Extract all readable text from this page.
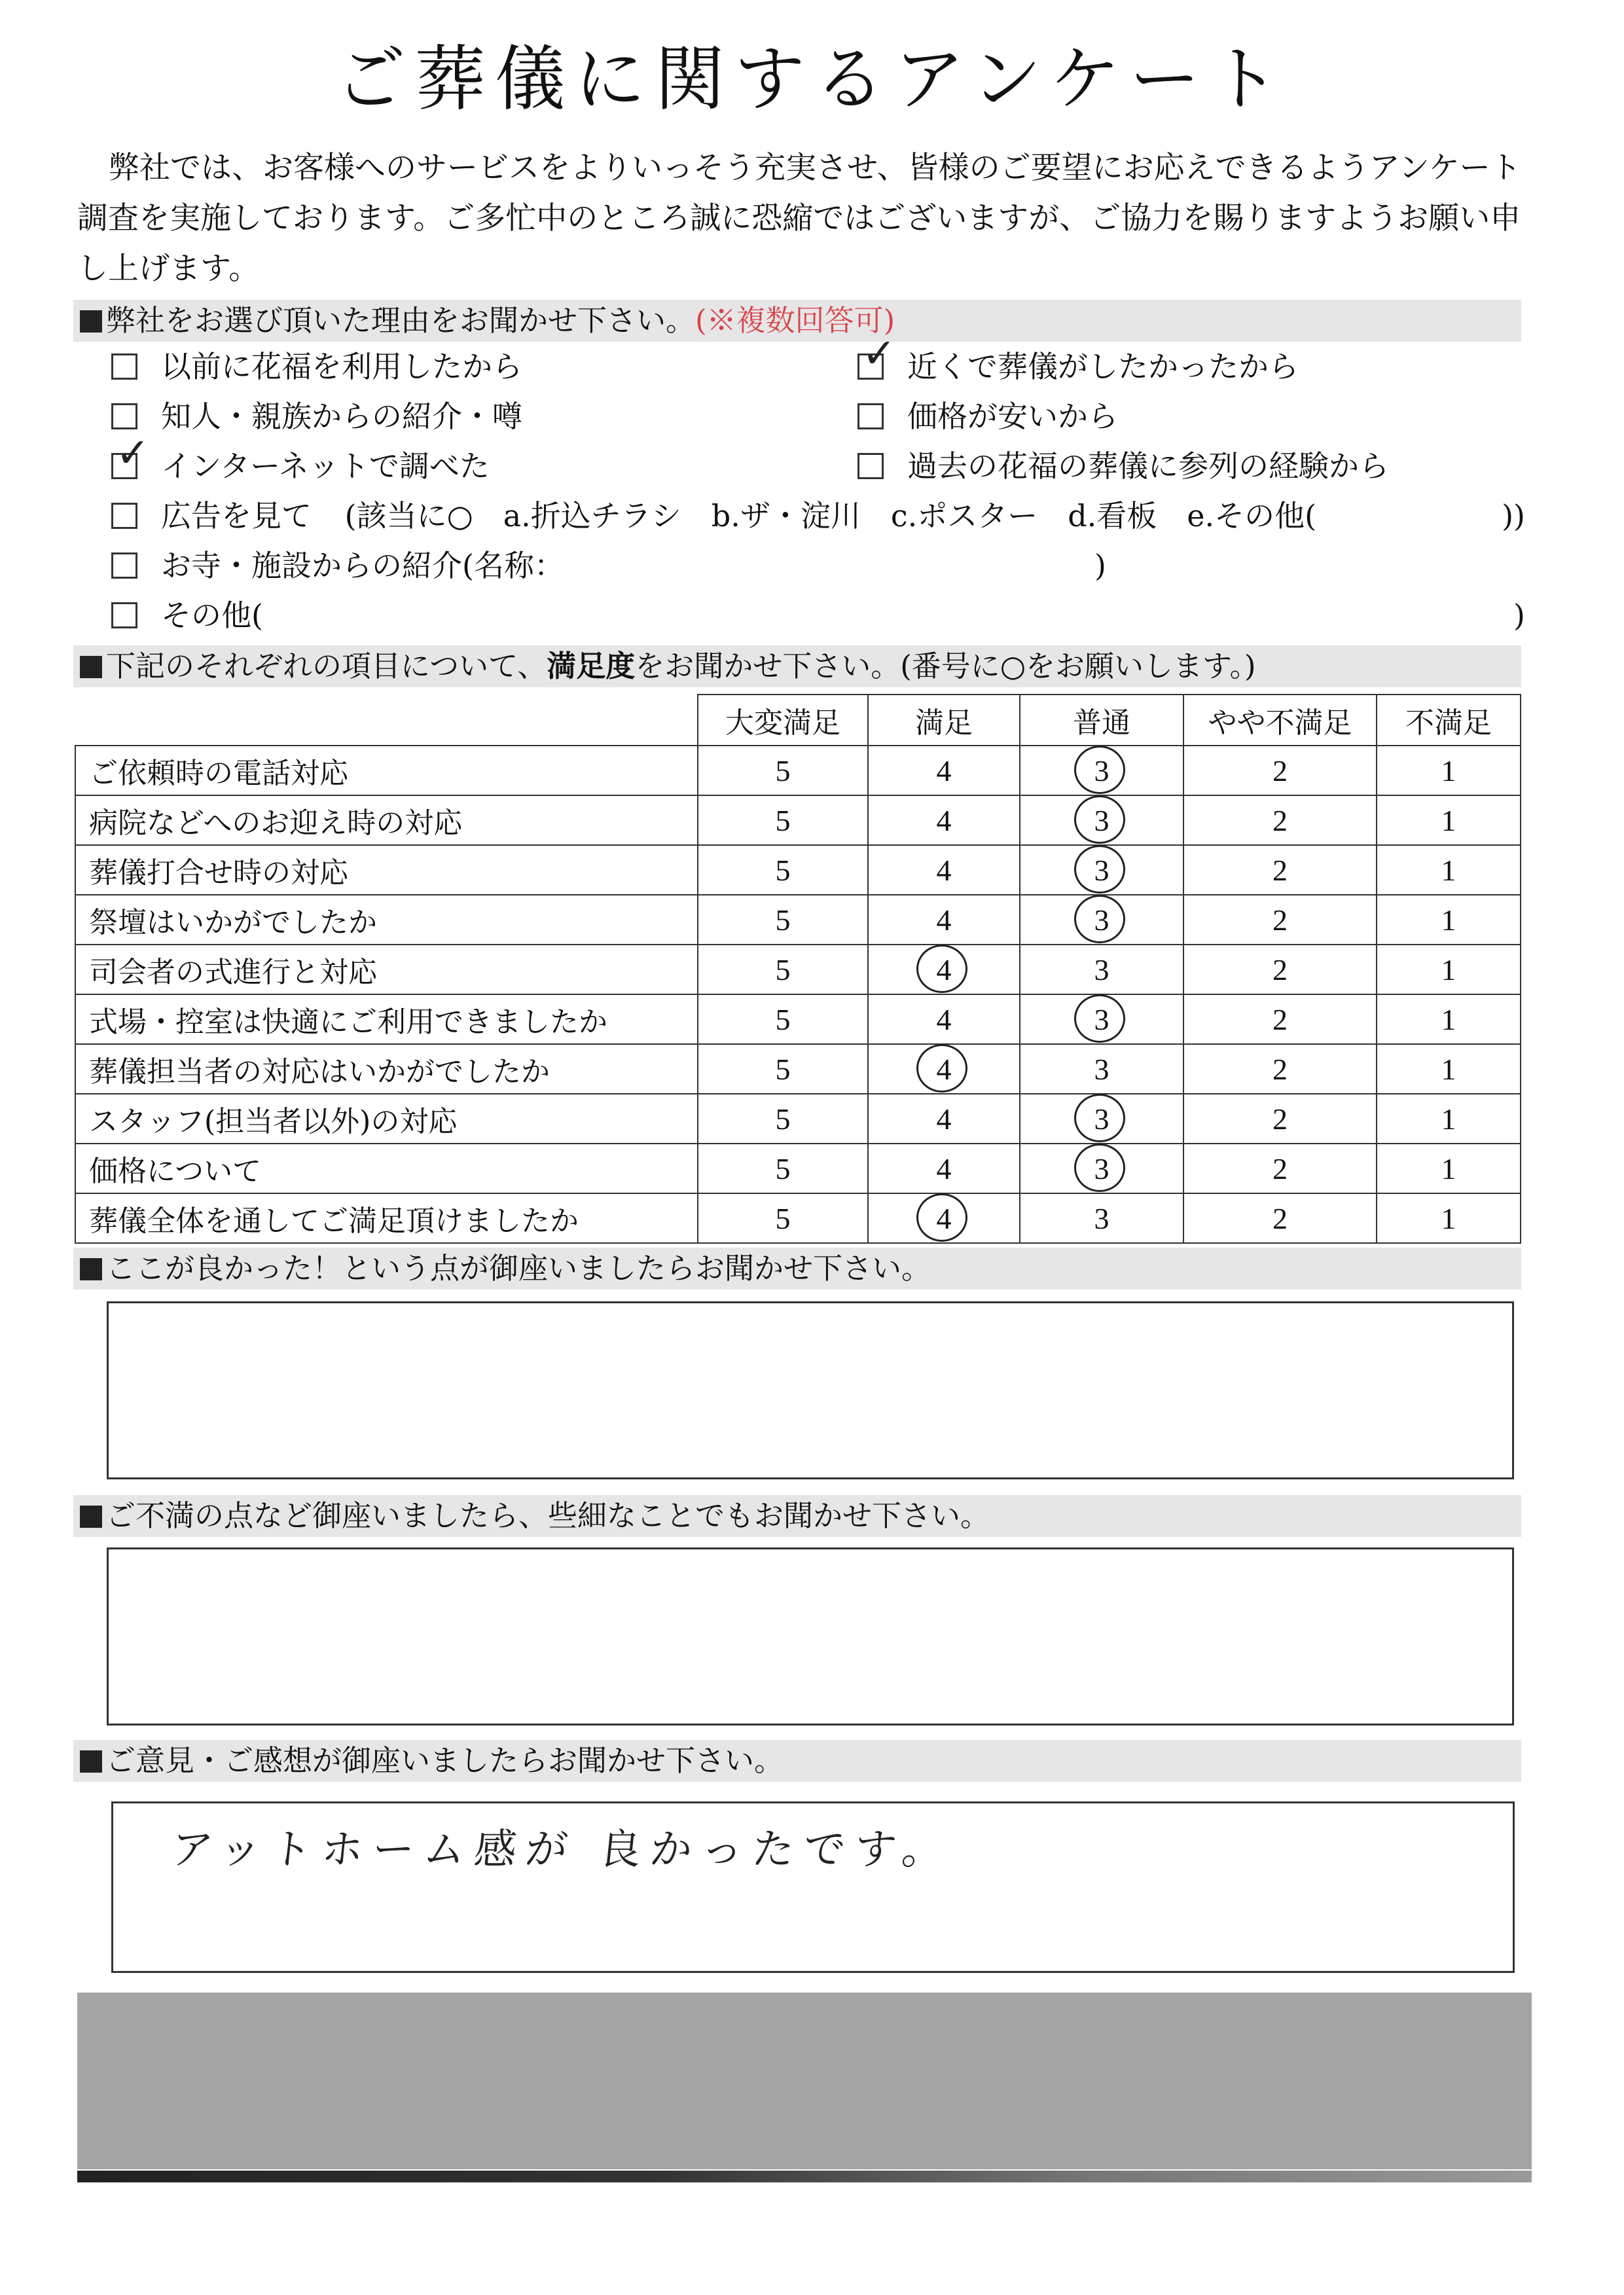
ご葬儀に関するアンケート

弊社では、お客様へのサービスをよりいっそう充実させ、皆様のご要望にお応えできるようアンケート調査を実施しております。ご多忙中のところ誠に恐縮ではございますが、ご協力を賜りますようお願い申し上げます。

弊社をお選び頂いた理由をお聞かせ下さい。(※複数回答可)
以前に花福を利用したから	✓ 近くで葬儀がしたかったから
知人・親族からの紹介・噂	価格が安いから
✓ インターネットで調べた	過去の花福の葬儀に参列の経験から
広告を見て (該当に○　a.折込チラシ　b.ザ・淀川　c.ポスター　d.看板　e.その他(	))
お寺・施設からの紹介(名称：	)
その他(	)
下記のそれぞれの項目について、満足度をお聞かせ下さい。(番号に○をお願いします。)
	大変満足	満足	普通	やや不満足	不満足
ご依頼時の電話対応	5	4	3	2	1
病院などへのお迎え時の対応	5	4	3	2	1
葬儀打合せ時の対応	5	4	3	2	1
祭壇はいかがでしたか	5	4	3	2	1
司会者の式進行と対応	5	4	3	2	1
式場・控室は快適にご利用できましたか	5	4	3	2	1
葬儀担当者の対応はいかがでしたか	5	4	3	2	1
スタッフ(担当者以外)の対応	5	4	3	2	1
価格について	5	4	3	2	1
葬儀全体を通してご満足頂けましたか	5	4	3	2	1
ここが良かった！という点が御座いましたらお聞かせ下さい。
ご不満の点など御座いましたら、些細なことでもお聞かせ下さい。
ご意見・ご感想が御座いましたらお聞かせ下さい。
アットホーム感が 良かったです。
